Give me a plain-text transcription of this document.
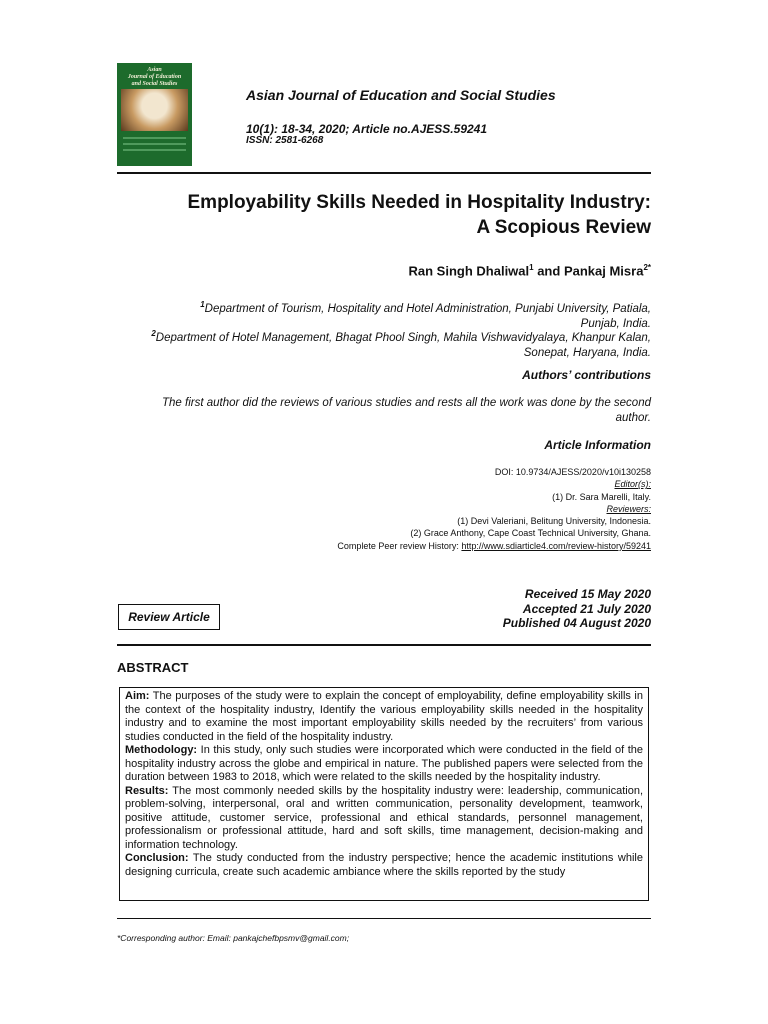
Asian
Journal of Education
and Social Studies
Asian Journal of Education and Social Studies
10(1): 18-34, 2020; Article no.AJESS.59241
ISSN: 2581-6268
Employability Skills Needed in Hospitality Industry:
A Scopious Review
Ran Singh Dhaliwal$^1$ and Pankaj Misra$^{2*}$
$^1$Department of Tourism, Hospitality and Hotel Administration, Punjabi University, Patiala,
Punjab, India.
$^2$Department of Hotel Management, Bhagat Phool Singh, Mahila Vishwavidyalaya, Khanpur Kalan,
Sonepat, Haryana, India.
Authors’ contributions
The first author did the reviews of various studies and rests all the work was done by the second
author.
Article Information
DOI: 10.9734/AJESS/2020/v10i130258
Editor(s):
(1) Dr. Sara Marelli, Italy.
Reviewers:
(1) Devi Valeriani, Belitung University, Indonesia.
(2) Grace Anthony, Cape Coast Technical University, Ghana.
Complete Peer review History: http://www.sdiarticle4.com/review-history/59241
Received 15 May 2020
Accepted 21 July 2020
Published 04 August 2020
Review Article
ABSTRACT

Aim: The purposes of the study were to explain the concept of employability, define employability skills in the context of the hospitality industry, Identify the various employability skills needed in the hospitality industry and to examine the most important employability skills needed by the recruiters’ from various studies conducted in the field of the hospitality industry.

Methodology: In this study, only such studies were incorporated which were conducted in the field of the hospitality industry across the globe and empirical in nature. The published papers were selected from the duration between 1983 to 2018, which were related to the skills needed by the hospitality industry.

Results: The most commonly needed skills by the hospitality industry were: leadership, communication, problem-solving, interpersonal, oral and written communication, personality development, teamwork, positive attitude, customer service, professional and ethical standards, personnel management, professionalism or professional attitude, hard and soft skills, time management, decision-making and information technology.

Conclusion: The study conducted from the industry perspective; hence the academic institutions while designing curricula, create such academic ambiance where the skills reported by the study

*Corresponding author: Email: pankajchefbpsmv@gmail.com;
